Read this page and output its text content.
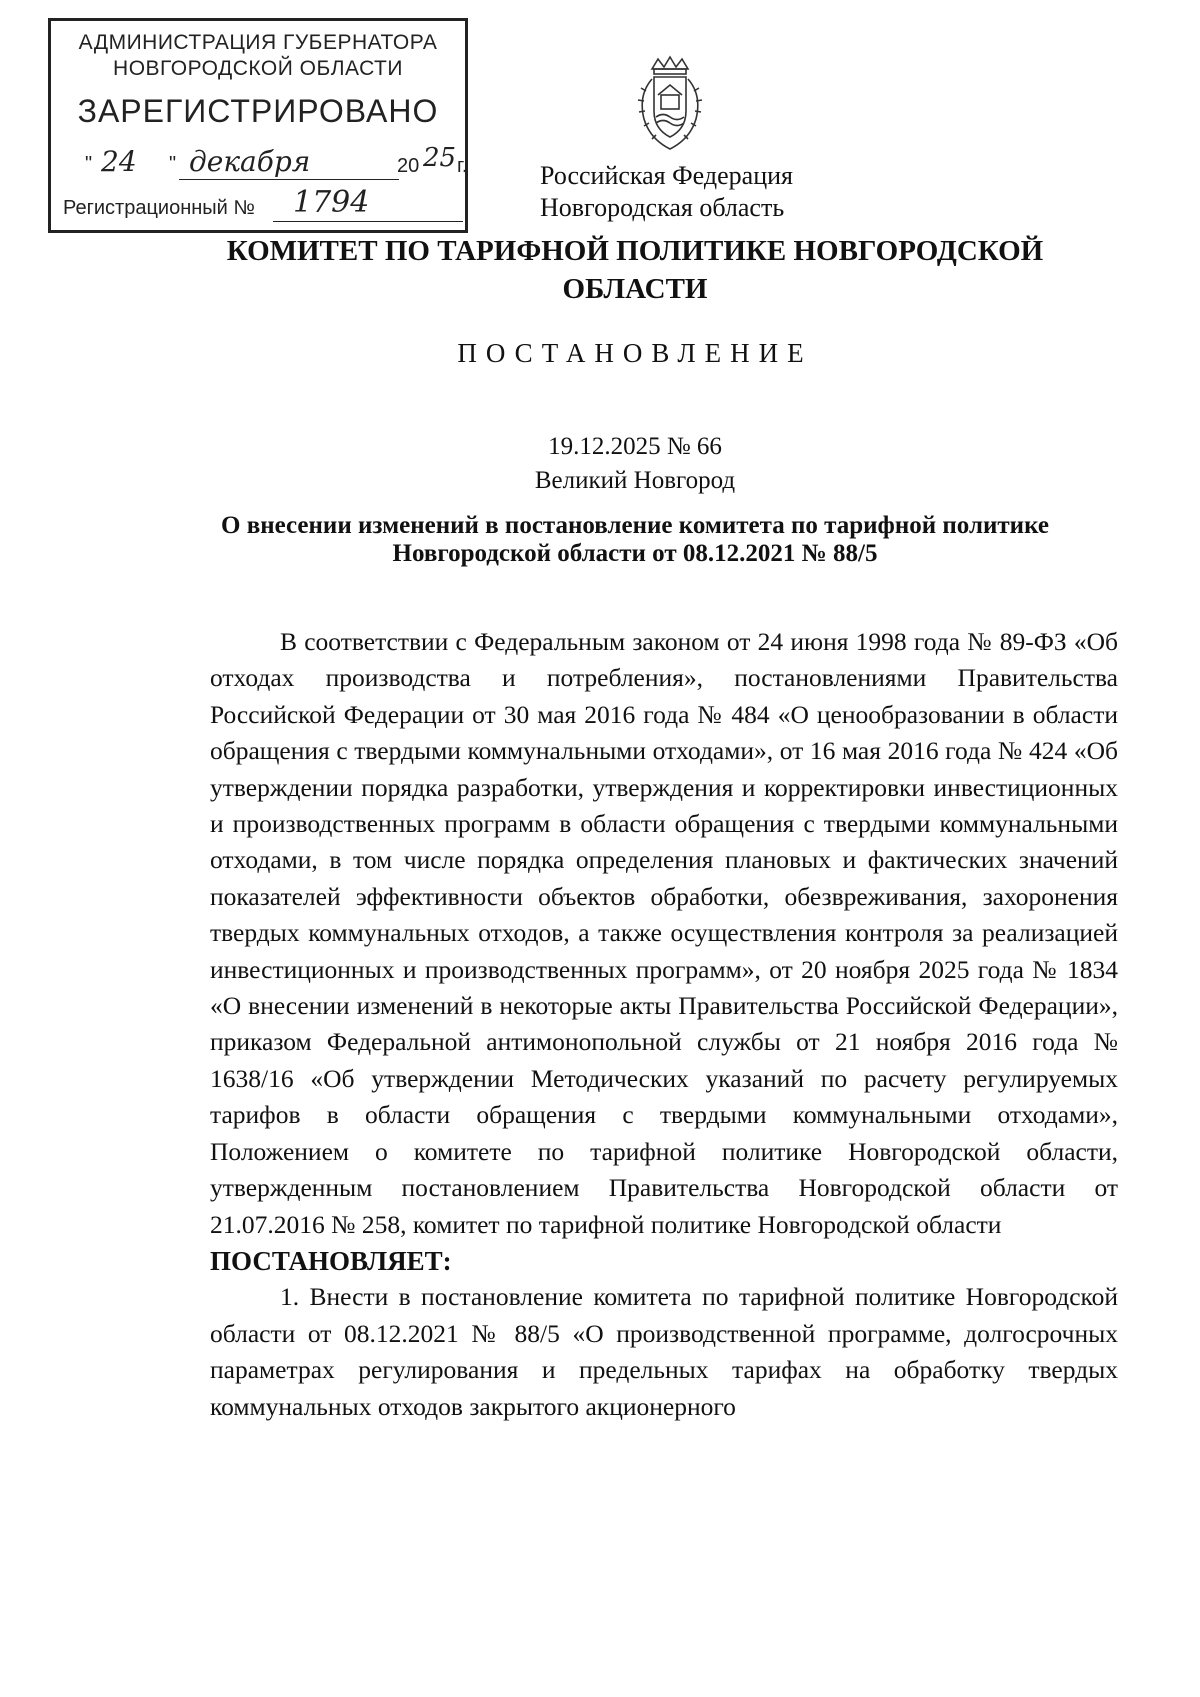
АДМИНИСТРАЦИЯ ГУБЕРНАТОРА
НОВГОРОДСКОЙ ОБЛАСТИ
ЗАРЕГИСТРИРОВАНО
" 24 " декабря	20 25 г.
Регистрационный № 1794
Российская Федерация
Новгородская область
КОМИТЕТ ПО ТАРИФНОЙ ПОЛИТИКЕ НОВГОРОДСКОЙ
ОБЛАСТИ
ПОСТАНОВЛЕНИЕ
19.12.2025 № 66
Великий Новгород
О внесении изменений в постановление комитета по тарифной политике
Новгородской области от 08.12.2021 № 88/5

В соответствии с Федеральным законом от 24 июня 1998 года № 89-ФЗ «Об отходах производства и потребления», постановлениями Правительства Российской Федерации от 30 мая 2016 года № 484 «О ценообразовании в области обращения с твердыми коммунальными отходами», от 16 мая 2016 года № 424 «Об утверждении порядка разработки, утверждения и корректировки инвестиционных и производственных программ в области обращения с твердыми коммунальными отходами, в том числе порядка определения плановых и фактических значений показателей эффективности объектов обработки, обезвреживания, захоронения твердых коммунальных отходов, а также осуществления контроля за реализацией инвестиционных и производственных программ», от 20 ноября 2025 года № 1834 «О внесении изменений в некоторые акты Правительства Российской Федерации», приказом Федеральной антимонопольной службы от 21 ноября 2016 года № 1638/16 «Об утверждении Методических указаний по расчету регулируемых тарифов в области обращения с твердыми коммунальными отходами», Положением о комитете по тарифной политике Новгородской области, утвержденным постановлением Правительства Новгородской области от 21.07.2016 № 258, комитет по тарифной политике Новгородской области

ПОСТАНОВЛЯЕТ:

1. Внести в постановление комитета по тарифной политике Новгородской области от 08.12.2021 № 88/5 «О производственной программе, долгосрочных параметрах регулирования и предельных тарифах на обработку твердых коммунальных отходов закрытого акционерного
